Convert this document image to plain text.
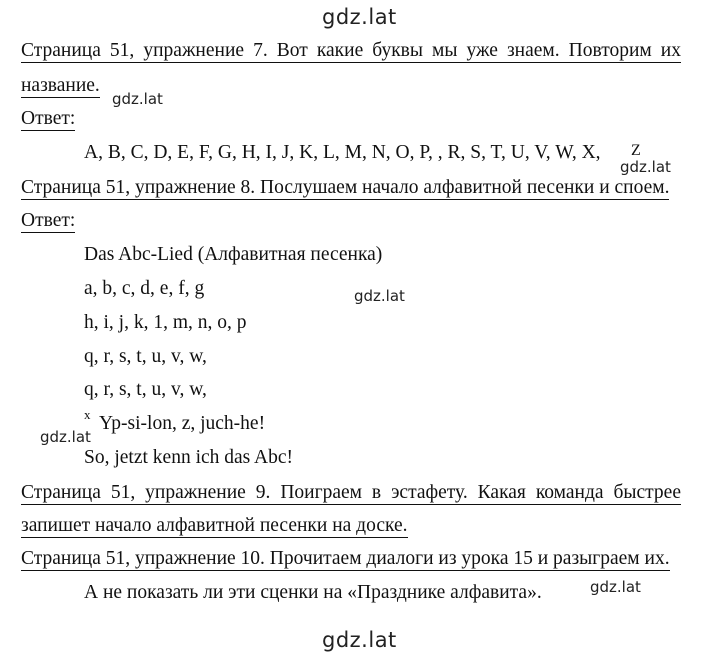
gdz.lat
gdz.lat
gdz.lat
gdz.lat
gdz.lat
gdz.lat
gdz.lat
Страница 51, упражнение 7. Вот какие буквы мы уже знаем. Повторим их
название.
Ответ:
A, B, C, D, E, F, G, H, I, J, K, L, M, N, O, P, , R, S, T, U, V, W, X, Z
Страница 51, упражнение 8. Послушаем начало алфавитной песенки и споем.
Ответ:
Das Abc-Lied (Алфавитная песенка)
a, b, c, d, e, f, g
h, i, j, k, 1, m, n, o, p
q, r, s, t, u, v, w,
q, r, s, t, u, v, w,
x Yp-si-lon, z, juch-he!
So, jetzt kenn ich das Abc!
Страница 51, упражнение 9. Поиграем в эстафету. Какая команда быстрее
запишет начало алфавитной песенки на доске.
Страница 51, упражнение 10. Прочитаем диалоги из урока 15 и разыграем их.
А не показать ли эти сценки на «Празднике алфавита».
